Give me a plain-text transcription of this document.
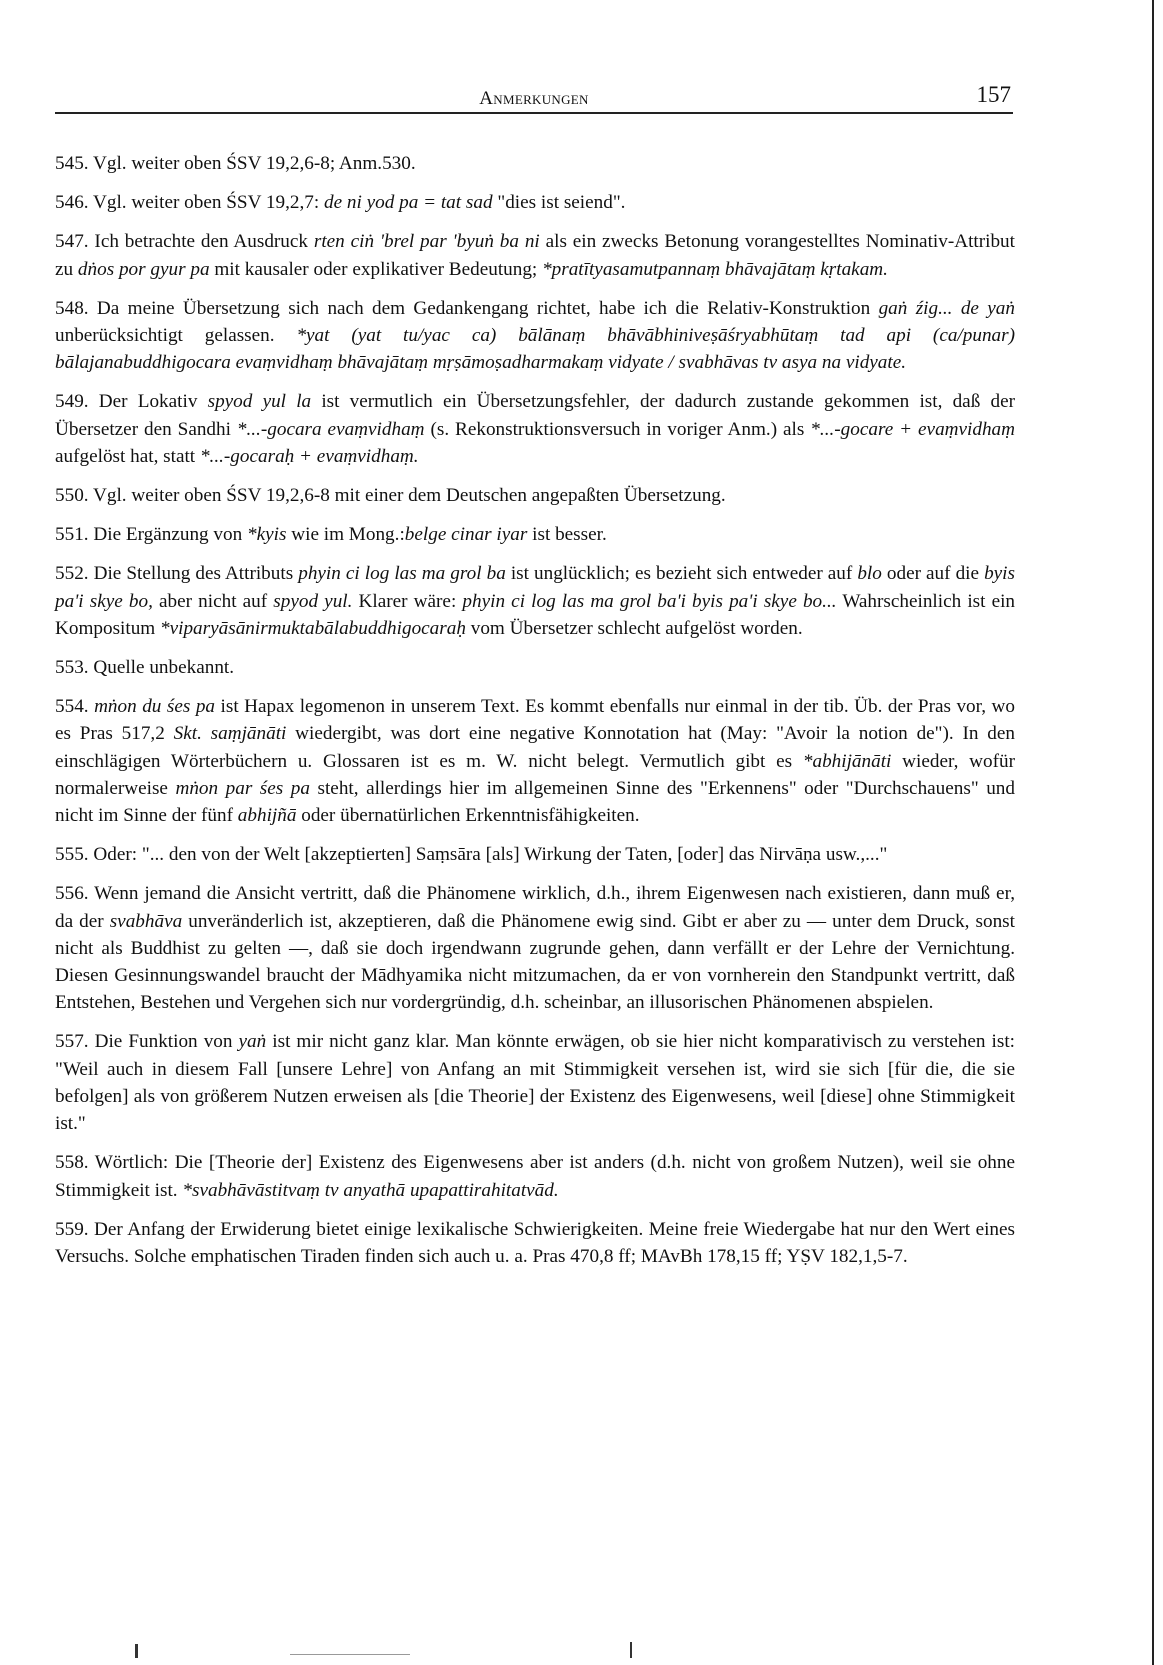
Anmerkungen	157

545. Vgl. weiter oben ŚSV 19,2,6-8; Anm.530.

546. Vgl. weiter oben ŚSV 19,2,7: de ni yod pa = tat sad "dies ist seiend".

547. Ich betrachte den Ausdruck rten ciṅ 'brel par 'byuṅ ba ni als ein zwecks Betonung vorangestelltes Nominativ-Attribut zu dṅos por gyur pa mit kausaler oder explikativer Bedeutung; *pratītyasamutpannaṃ bhāvajātaṃ kṛtakam.

548. Da meine Übersetzung sich nach dem Gedankengang richtet, habe ich die Relativ-Konstruktion gaṅ źig... de yaṅ unberücksichtigt gelassen. *yat (yat tu/yac ca) bālānaṃ bhāvābhiniveṣāśryabhūtaṃ tad api (ca/punar) bālajanabuddhigocara evaṃvidhaṃ bhāvajātaṃ mṛṣāmoṣadharmakaṃ vidyate / svabhāvas tv asya na vidyate.

549. Der Lokativ spyod yul la ist vermutlich ein Übersetzungsfehler, der dadurch zustande gekommen ist, daß der Übersetzer den Sandhi *...-gocara evaṃvidhaṃ (s. Rekonstruktionsversuch in voriger Anm.) als *...-gocare + evaṃvidhaṃ aufgelöst hat, statt *...-gocaraḥ + evaṃvidhaṃ.

550. Vgl. weiter oben ŚSV 19,2,6-8 mit einer dem Deutschen angepaßten Übersetzung.

551. Die Ergänzung von *kyis wie im Mong.:belge cinar iyar ist besser.

552. Die Stellung des Attributs phyin ci log las ma grol ba ist unglücklich; es bezieht sich entweder auf blo oder auf die byis pa'i skye bo, aber nicht auf spyod yul. Klarer wäre: phyin ci log las ma grol ba'i byis pa'i skye bo... Wahrscheinlich ist ein Kompositum *viparyāsānirmuktabālabuddhigocaraḥ vom Übersetzer schlecht aufgelöst worden.

553. Quelle unbekannt.

554. mṅon du śes pa ist Hapax legomenon in unserem Text. Es kommt ebenfalls nur einmal in der tib. Üb. der Pras vor, wo es Pras 517,2 Skt. saṃjānāti wiedergibt, was dort eine negative Konnotation hat (May: "Avoir la notion de"). In den einschlägigen Wörterbüchern u. Glossaren ist es m. W. nicht belegt. Vermutlich gibt es *abhijānāti wieder, wofür normalerweise mṅon par śes pa steht, allerdings hier im allgemeinen Sinne des "Erkennens" oder "Durchschauens" und nicht im Sinne der fünf abhijñā oder übernatürlichen Erkenntnisfähigkeiten.

555. Oder: "... den von der Welt [akzeptierten] Saṃsāra [als] Wirkung der Taten, [oder] das Nirvāṇa usw.,..."

556. Wenn jemand die Ansicht vertritt, daß die Phänomene wirklich, d.h., ihrem Eigenwesen nach existieren, dann muß er, da der svabhāva unveränderlich ist, akzeptieren, daß die Phänomene ewig sind. Gibt er aber zu — unter dem Druck, sonst nicht als Buddhist zu gelten —, daß sie doch irgendwann zugrunde gehen, dann verfällt er der Lehre der Vernichtung. Diesen Gesinnungswandel braucht der Mādhyamika nicht mitzumachen, da er von vornherein den Standpunkt vertritt, daß Entstehen, Bestehen und Vergehen sich nur vordergründig, d.h. scheinbar, an illusorischen Phänomenen abspielen.

557. Die Funktion von yaṅ ist mir nicht ganz klar. Man könnte erwägen, ob sie hier nicht komparativisch zu verstehen ist: "Weil auch in diesem Fall [unsere Lehre] von Anfang an mit Stimmigkeit versehen ist, wird sie sich [für die, die sie befolgen] als von größerem Nutzen erweisen als [die Theorie] der Existenz des Eigenwesens, weil [diese] ohne Stimmigkeit ist."

558. Wörtlich: Die [Theorie der] Existenz des Eigenwesens aber ist anders (d.h. nicht von großem Nutzen), weil sie ohne Stimmigkeit ist. *svabhāvāstitvaṃ tv anyathā upapattirahitatvād.

559. Der Anfang der Erwiderung bietet einige lexikalische Schwierigkeiten. Meine freie Wiedergabe hat nur den Wert eines Versuchs. Solche emphatischen Tiraden finden sich auch u. a. Pras 470,8 ff; MAvBh 178,15 ff; YṢV 182,1,5-7.
